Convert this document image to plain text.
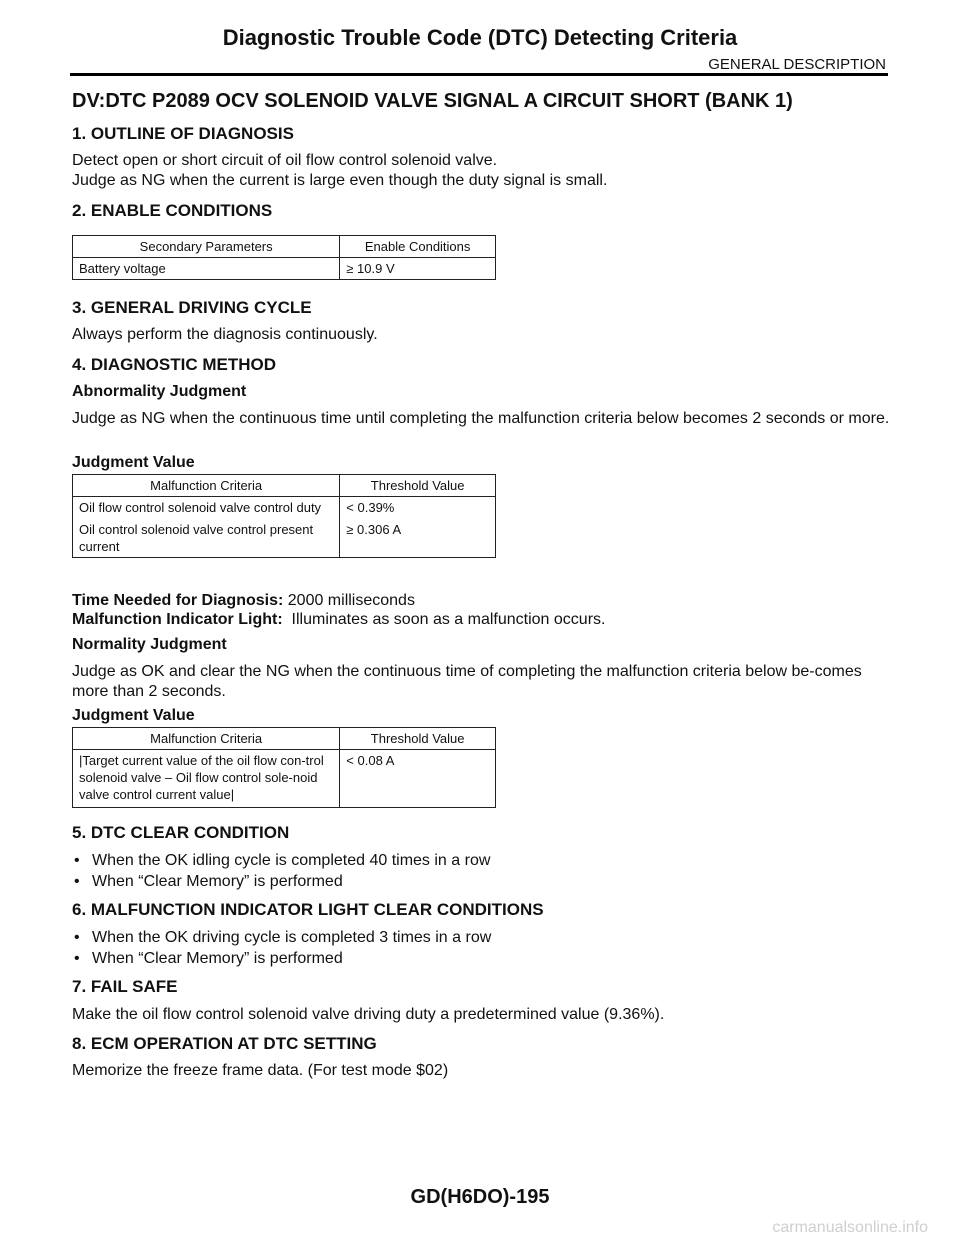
Diagnostic Trouble Code (DTC) Detecting Criteria
GENERAL DESCRIPTION
DV:DTC P2089 OCV SOLENOID VALVE SIGNAL A CIRCUIT SHORT (BANK 1)
1. OUTLINE OF DIAGNOSIS
Detect open or short circuit of oil flow control solenoid valve.
Judge as NG when the current is large even though the duty signal is small.
2. ENABLE CONDITIONS
Secondary Parameters	Enable Conditions
Battery voltage	≥ 10.9 V
3. GENERAL DRIVING CYCLE
Always perform the diagnosis continuously.
4. DIAGNOSTIC METHOD
Abnormality Judgment
Judge as NG when the continuous time until completing the malfunction criteria below becomes 2 seconds or more.
Judgment Value
Malfunction Criteria	Threshold Value
Oil flow control solenoid valve control duty	< 0.39%
Oil control solenoid valve control present current	≥ 0.306 A
Time Needed for Diagnosis: 2000 milliseconds
Malfunction Indicator Light: Illuminates as soon as a malfunction occurs.
Normality Judgment
Judge as OK and clear the NG when the continuous time of completing the malfunction criteria below be-comes more than 2 seconds.
Judgment Value
Malfunction Criteria	Threshold Value
|Target current value of the oil flow con-trol solenoid valve – Oil flow control sole-noid valve control current value|	< 0.08 A
5. DTC CLEAR CONDITION
• When the OK idling cycle is completed 40 times in a row
• When “Clear Memory” is performed
6. MALFUNCTION INDICATOR LIGHT CLEAR CONDITIONS
• When the OK driving cycle is completed 3 times in a row
• When “Clear Memory” is performed
7. FAIL SAFE
Make the oil flow control solenoid valve driving duty a predetermined value (9.36%).
8. ECM OPERATION AT DTC SETTING
Memorize the freeze frame data. (For test mode $02)
GD(H6DO)-195
carmanualsonline.info
